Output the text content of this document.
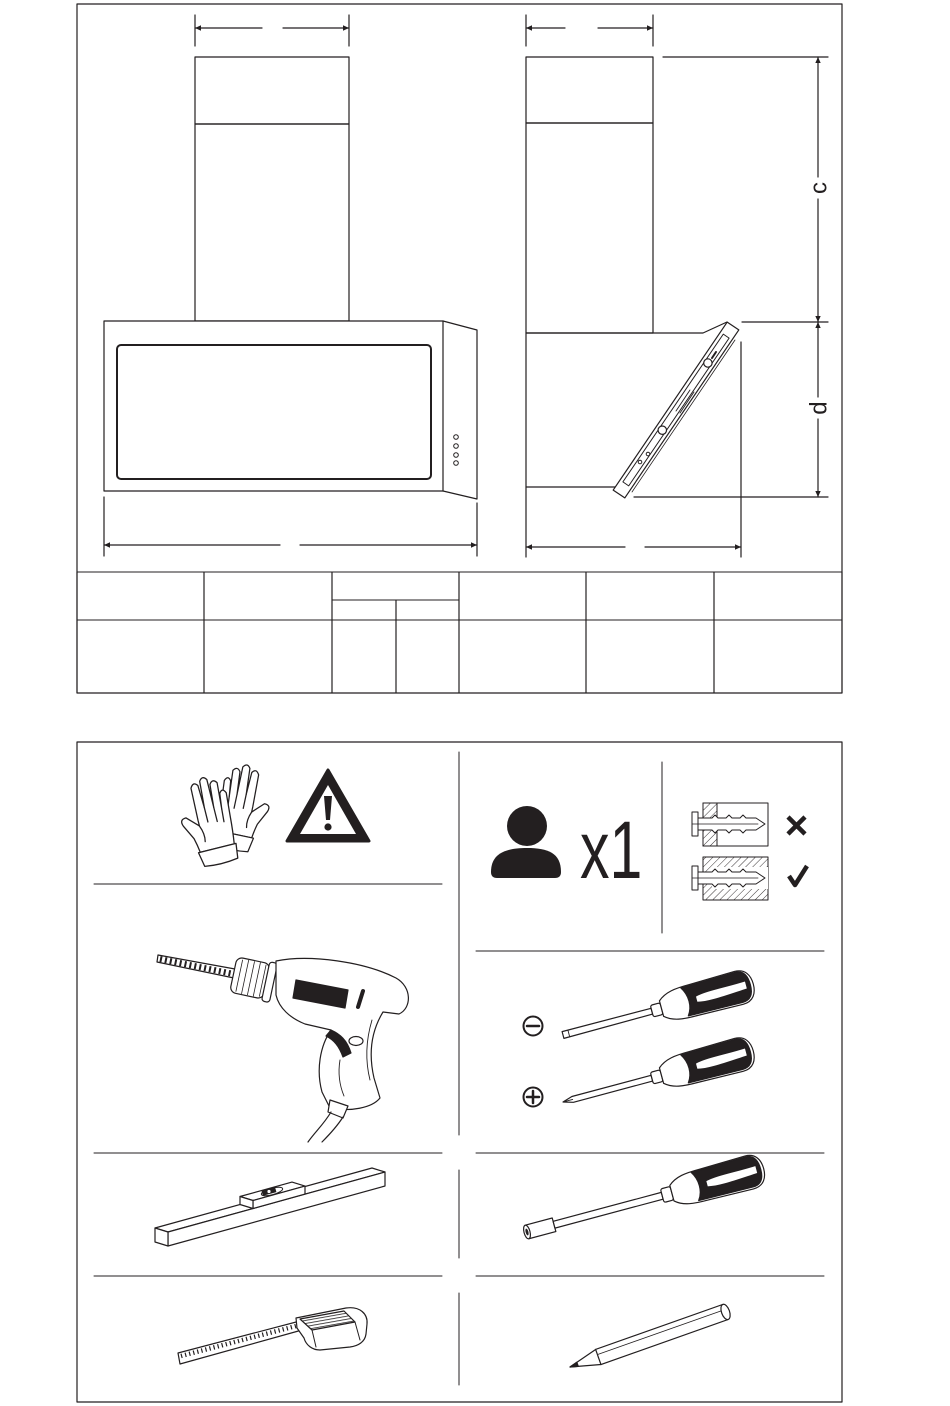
c
d
x1
